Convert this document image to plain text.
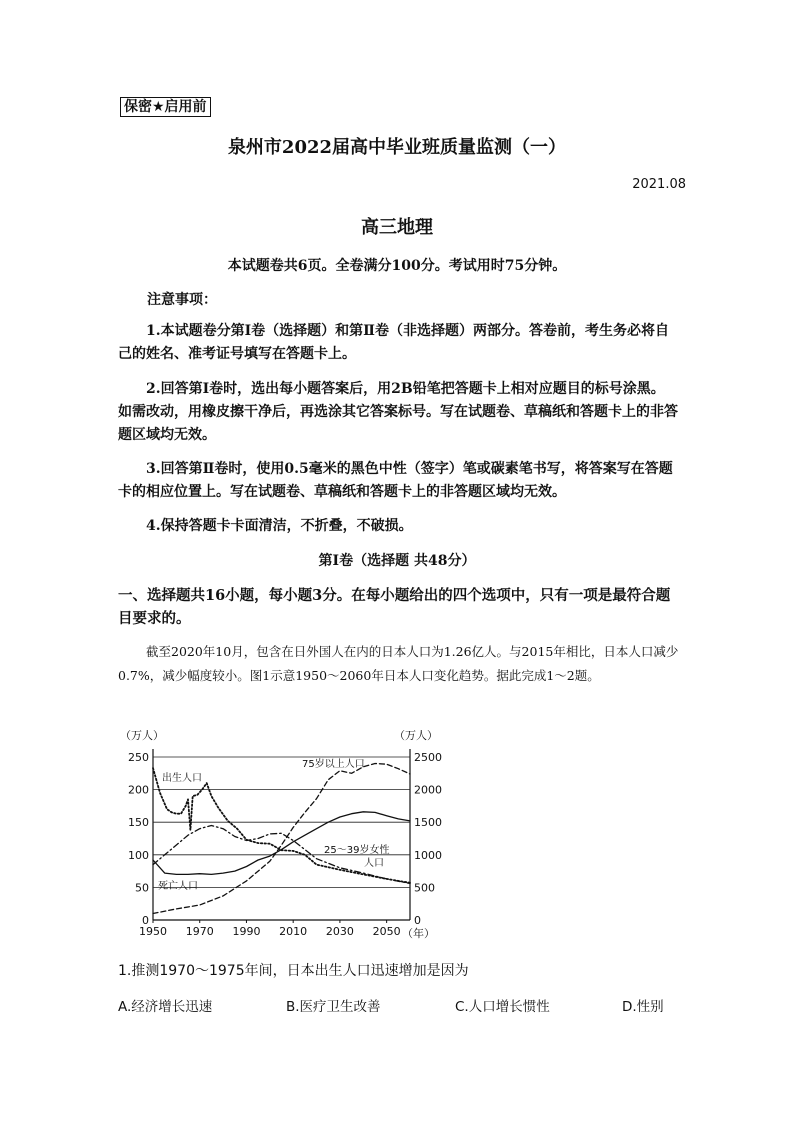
保密★启用前
泉州市2022届高中毕业班质量监测（一）
2021.08
高三地理
本试题卷共6页。全卷满分100分。考试用时75分钟。
注意事项：

1.本试题卷分第Ⅰ卷（选择题）和第Ⅱ卷（非选择题）两部分。答卷前，考生务必将自己的姓名、准考证号填写在答题卡上。

2.回答第Ⅰ卷时，选出每小题答案后，用2B铅笔把答题卡上相对应题目的标号涂黑。如需改动，用橡皮擦干净后，再选涂其它答案标号。写在试题卷、草稿纸和答题卡上的非答题区域均无效。

3.回答第Ⅱ卷时，使用0.5毫米的黑色中性（签字）笔或碳素笔书写，将答案写在答题卡的相应位置上。写在试题卷、草稿纸和答题卡上的非答题区域均无效。

4.保持答题卡卡面清洁，不折叠，不破损。

第Ⅰ卷（选择题 共48分）
一、选择题共16小题，每小题3分。在每小题给出的四个选项中，只有一项是最符合题目要求的。
截至2020年10月，包含在日外国人在内的日本人口为1.26亿人。与2015年相比，日本人口减少0.7%，减少幅度较小。图1示意1950～2060年日本人口变化趋势。据此完成1～2题。
0
50
100
150
200
250
0
500
1000
1500
2000
2500
1950 1970 1990 2010 2030 2050
（万人）	（万人）
（年）
出生人口
75岁以上人口
25～39岁女性
人口
死亡人口
1.推测1970～1975年间，日本出生人口迅速增加是因为
A.经济增长迅速	B.医疗卫生改善	C.人口增长惯性	D.性别
